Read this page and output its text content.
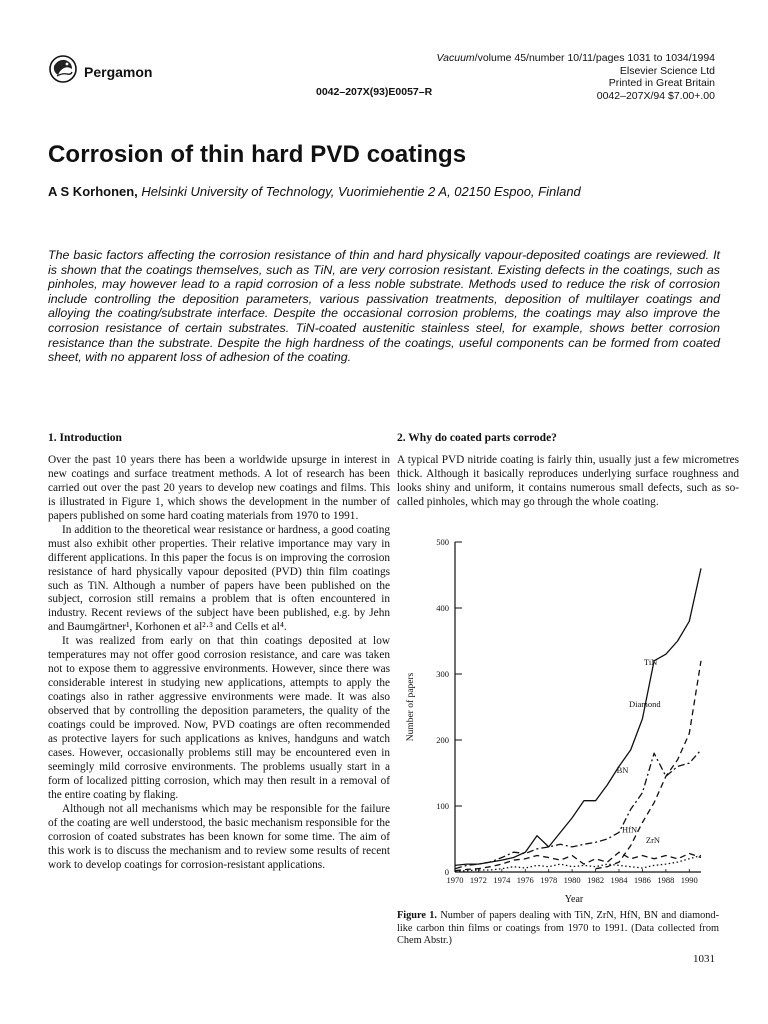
Pergamon
0042–207X(93)E0057–R
Vacuum/volume 45/number 10/11/pages 1031 to 1034/1994
Elsevier Science Ltd
Printed in Great Britain
0042–207X/94 $7.00+.00
Corrosion of thin hard PVD coatings
A S Korhonen, Helsinki University of Technology, Vuorimiehentie 2 A, 02150 Espoo, Finland

The basic factors affecting the corrosion resistance of thin and hard physically vapour-deposited coatings are reviewed. It is shown that the coatings themselves, such as TiN, are very corrosion resistant. Existing defects in the coatings, such as pinholes, may however lead to a rapid corrosion of a less noble substrate. Methods used to reduce the risk of corrosion include controlling the deposition parameters, various passivation treatments, deposition of multilayer coatings and alloying the coating/substrate interface. Despite the occasional corrosion problems, the coatings may also improve the corrosion resistance of certain substrates. TiN-coated austenitic stainless steel, for example, shows better corrosion resistance than the substrate. Despite the high hardness of the coatings, useful components can be formed from coated sheet, with no apparent loss of adhesion of the coating.

1. Introduction

Over the past 10 years there has been a worldwide upsurge in interest in new coatings and surface treatment methods. A lot of research has been carried out over the past 20 years to develop new coatings and films. This is illustrated in Figure 1, which shows the development in the number of papers published on some hard coating materials from 1970 to 1991.

In addition to the theoretical wear resistance or hardness, a good coating must also exhibit other properties. Their relative importance may vary in different applications. In this paper the focus is on improving the corrosion resistance of hard physically vapour deposited (PVD) thin film coatings such as TiN. Although a number of papers have been published on the subject, corrosion still remains a problem that is often encountered in industry. Recent reviews of the subject have been published, e.g. by Jehn and Baumgärtner¹, Korhonen et al²·³ and Cells et al⁴.

It was realized from early on that thin coatings deposited at low temperatures may not offer good corrosion resistance, and care was taken not to expose them to aggressive environments. However, since there was considerable interest in studying new applications, attempts to apply the coatings also in rather aggressive environments were made. It was also observed that by controlling the deposition parameters, the quality of the coatings could be improved. Now, PVD coatings are often recommended as protective layers for such applications as knives, handguns and watch cases. However, occasionally problems still may be encountered even in seemingly mild corrosive environments. The problems usually start in a form of localized pitting corrosion, which may then result in a removal of the entire coating by flaking.

Although not all mechanisms which may be responsible for the failure of the coating are well understood, the basic mechanism responsible for the corrosion of coated substrates has been known for some time. The aim of this work is to discuss the mechanism and to review some results of recent work to develop coatings for corrosion-resistant applications.

2. Why do coated parts corrode?

A typical PVD nitride coating is fairly thin, usually just a few micrometres thick. Although it basically reproduces underlying surface roughness and looks shiny and uniform, it contains numerous small defects, such as so-called pinholes, which may go through the whole coating.

0
100
200
300
400
500
1970 1972 1974 1976 1978 1980 1982 1984 1986 1988 1990
Year
Number of papers
TiN
Diamond
BN
HfN
ZrN
Figure 1. Number of papers dealing with TiN, ZrN, HfN, BN and diamond-like carbon thin films or coatings from 1970 to 1991. (Data collected from Chem Abstr.)
1031
